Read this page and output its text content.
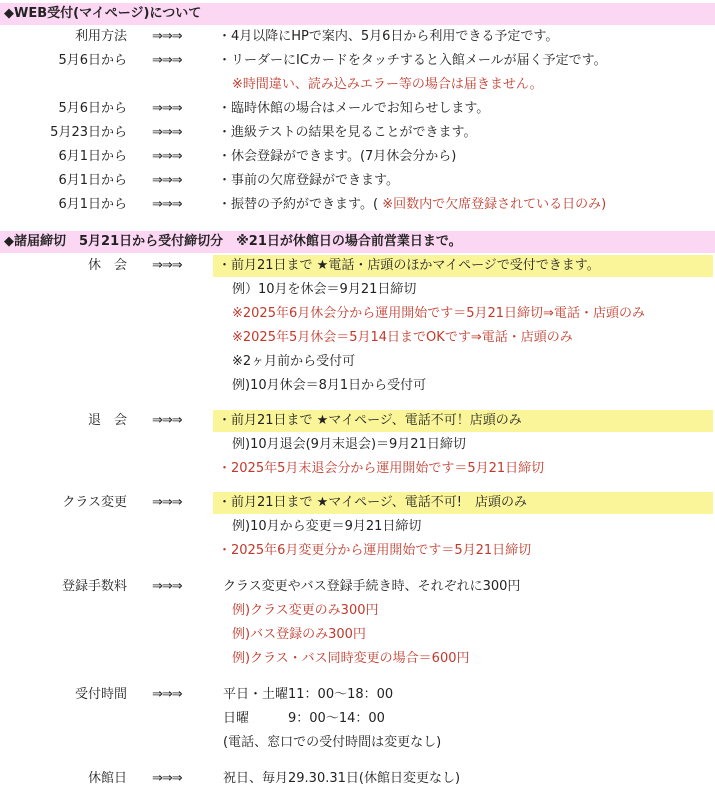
◆WEB受付(マイページ)について
利用方法 ⇒⇒⇒	・4月以降にHPで案内、5月6日から利用できる予定です。
5月6日から ⇒⇒⇒	・リーダーにICカードをタッチすると入館メールが届く予定です。
※時間違い、読み込みエラー等の場合は届きません。
5月6日から ⇒⇒⇒	・臨時休館の場合はメールでお知らせします。
5月23日から ⇒⇒⇒	・進級テストの結果を見ることができます。
6月1日から ⇒⇒⇒	・休会登録ができます。(7月休会分から)
6月1日から ⇒⇒⇒	・事前の欠席登録ができます。
6月1日から ⇒⇒⇒	・振替の予約ができます。( ※回数内で欠席登録されている日のみ)
◆諸届締切　5月21日から受付締切分　※21日が休館日の場合前営業日まで。
休　会 ⇒⇒⇒	・前月21日まで ★電話・店頭のほかマイページで受付できます。
例）10月を休会＝9月21日締切
※2025年6月休会分から運用開始です＝5月21日締切⇒電話・店頭のみ
※2025年5月休会＝5月14日までOKです⇒電話・店頭のみ
※2ヶ月前から受付可
例)10月休会＝8月1日から受付可
退　会 ⇒⇒⇒	・前月21日まで ★マイページ、電話不可！店頭のみ
例)10月退会(9月末退会)＝9月21日締切
・2025年5月末退会分から運用開始です＝5月21日締切
クラス変更 ⇒⇒⇒	・前月21日まで ★マイページ、電話不可!　店頭のみ
例)10月から変更＝9月21日締切
・2025年6月変更分から運用開始です＝5月21日締切
登録手数料 ⇒⇒⇒	クラス変更やバス登録手続き時、それぞれに300円
例)クラス変更のみ300円
例)バス登録のみ300円
例)クラス・バス同時変更の場合＝600円
受付時間 ⇒⇒⇒	平日・土曜11：00～18：00
日曜　　　9：00～14：00
(電話、窓口での受付時間は変更なし)
休館日 ⇒⇒⇒	祝日、毎月29.30.31日(休館日変更なし)
